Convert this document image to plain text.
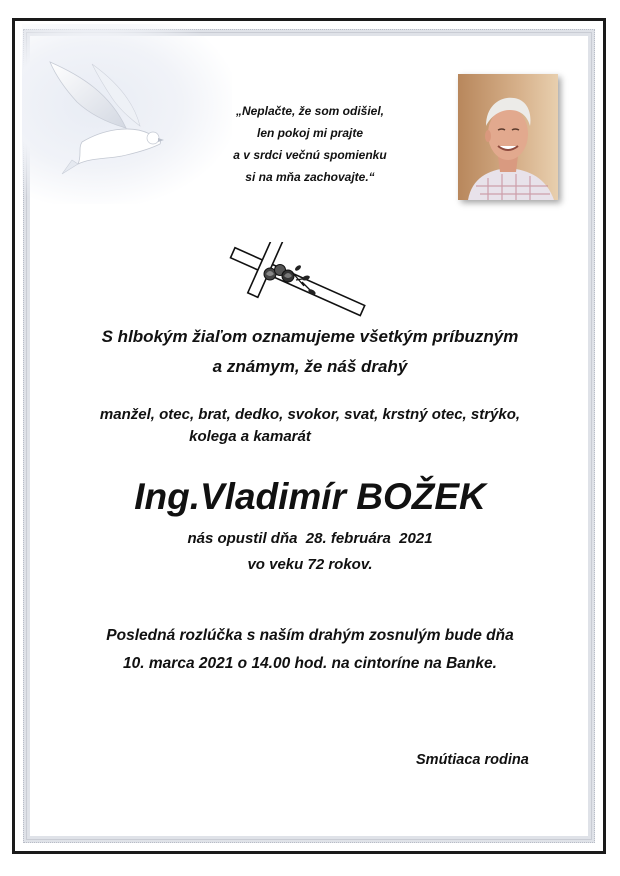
„Neplačte, že som odišiel,
len pokoj mi prajte
a v srdci večnú spomienku
si na mňa zachovajte.“
S hlbokým žiaľom oznamujeme všetkým príbuzným
a známym, že náš drahý
manžel, otec, brat, dedko, svokor, svat, krstný otec, strýko,
kolega a kamarát
Ing.Vladimír BOŽEK
nás opustil dňa  28. februára  2021
vo veku 72 rokov.
Posledná rozlúčka s naším drahým zosnulým bude dňa
10. marca 2021 o 14.00 hod. na cintoríne na Banke.
Smútiaca rodina
